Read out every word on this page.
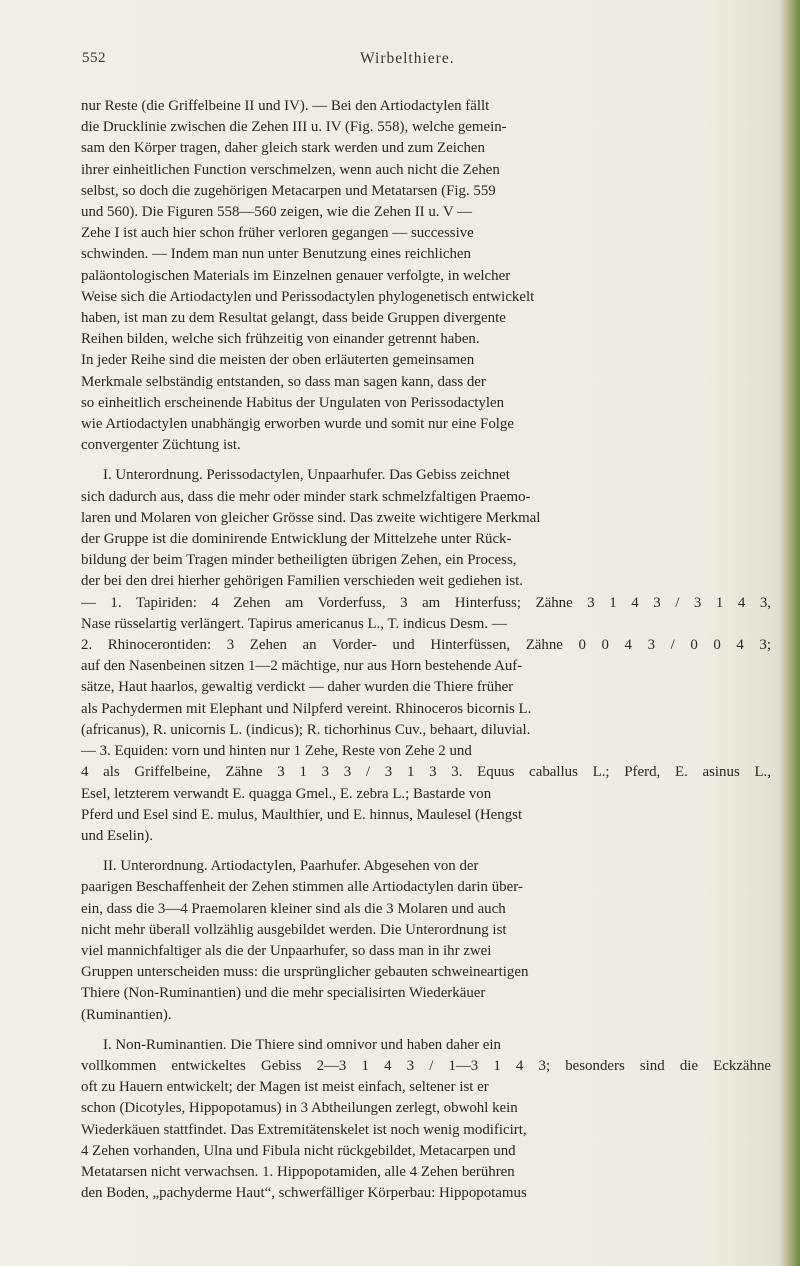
552	Wirbelthiere.

nur Reste (die Griffelbeine II und IV). — Bei den Artiodactylen fällt
die Drucklinie zwischen die Zehen III u. IV (Fig. 558), welche gemein-
sam den Körper tragen, daher gleich stark werden und zum Zeichen
ihrer einheitlichen Function verschmelzen, wenn auch nicht die Zehen
selbst, so doch die zugehörigen Metacarpen und Metatarsen (Fig. 559
und 560). Die Figuren 558—560 zeigen, wie die Zehen II u. V —
Zehe I ist auch hier schon früher verloren gegangen — successive
schwinden. — Indem man nun unter Benutzung eines reichlichen
paläontologischen Materials im Einzelnen genauer verfolgte, in welcher
Weise sich die Artiodactylen und Perissodactylen phylogenetisch entwickelt
haben, ist man zu dem Resultat gelangt, dass beide Gruppen divergente
Reihen bilden, welche sich frühzeitig von einander getrennt haben.
In jeder Reihe sind die meisten der oben erläuterten gemeinsamen
Merkmale selbständig entstanden, so dass man sagen kann, dass der
so einheitlich erscheinende Habitus der Ungulaten von Perissodactylen
wie Artiodactylen unabhängig erworben wurde und somit nur eine Folge
convergenter Züchtung ist.

I. Unterordnung. Perissodactylen, Unpaarhufer. Das Gebiss zeichnet
sich dadurch aus, dass die mehr oder minder stark schmelzfaltigen Praemo-
laren und Molaren von gleicher Grösse sind. Das zweite wichtigere Merkmal
der Gruppe ist die dominirende Entwicklung der Mittelzehe unter Rück-
bildung der beim Tragen minder betheiligten übrigen Zehen, ein Process,
der bei den drei hierher gehörigen Familien verschieden weit gediehen ist.
— 1. Tapiriden: 4 Zehen am Vorderfuss, 3 am Hinterfuss; Zähne 3 1 4 3 / 3 1 4 3,
Nase rüsselartig verlängert. Tapirus americanus L., T. indicus Desm. —
2. Rhinocerontiden: 3 Zehen an Vorder- und Hinterfüssen, Zähne 0 0 4 3 / 0 0 4 3;
auf den Nasenbeinen sitzen 1—2 mächtige, nur aus Horn bestehende Auf-
sätze, Haut haarlos, gewaltig verdickt — daher wurden die Thiere früher
als Pachydermen mit Elephant und Nilpferd vereint. Rhinoceros bicornis L.
(africanus), R. unicornis L. (indicus); R. tichorhinus Cuv., behaart, diluvial.
— 3. Equiden: vorn und hinten nur 1 Zehe, Reste von Zehe 2 und
4 als Griffelbeine, Zähne 3 1 3 3 / 3 1 3 3. Equus caballus L.; Pferd, E. asinus L.,
Esel, letzterem verwandt E. quagga Gmel., E. zebra L.; Bastarde von
Pferd und Esel sind E. mulus, Maulthier, und E. hinnus, Maulesel (Hengst
und Eselin).

II. Unterordnung. Artiodactylen, Paarhufer. Abgesehen von der
paarigen Beschaffenheit der Zehen stimmen alle Artiodactylen darin über-
ein, dass die 3—4 Praemolaren kleiner sind als die 3 Molaren und auch
nicht mehr überall vollzählig ausgebildet werden. Die Unterordnung ist
viel mannichfaltiger als die der Unpaarhufer, so dass man in ihr zwei
Gruppen unterscheiden muss: die ursprünglicher gebauten schweineartigen
Thiere (Non-Ruminantien) und die mehr specialisirten Wiederkäuer
(Ruminantien).

I. Non-Ruminantien. Die Thiere sind omnivor und haben daher ein
vollkommen entwickeltes Gebiss 2—3 1 4 3 / 1—3 1 4 3; besonders sind die Eckzähne
oft zu Hauern entwickelt; der Magen ist meist einfach, seltener ist er
schon (Dicotyles, Hippopotamus) in 3 Abtheilungen zerlegt, obwohl kein
Wiederkäuen stattfindet. Das Extremitätenskelet ist noch wenig modificirt,
4 Zehen vorhanden, Ulna und Fibula nicht rückgebildet, Metacarpen und
Metatarsen nicht verwachsen. 1. Hippopotamiden, alle 4 Zehen berühren
den Boden, „pachyderme Haut“, schwerfälliger Körperbau: Hippopotamus
